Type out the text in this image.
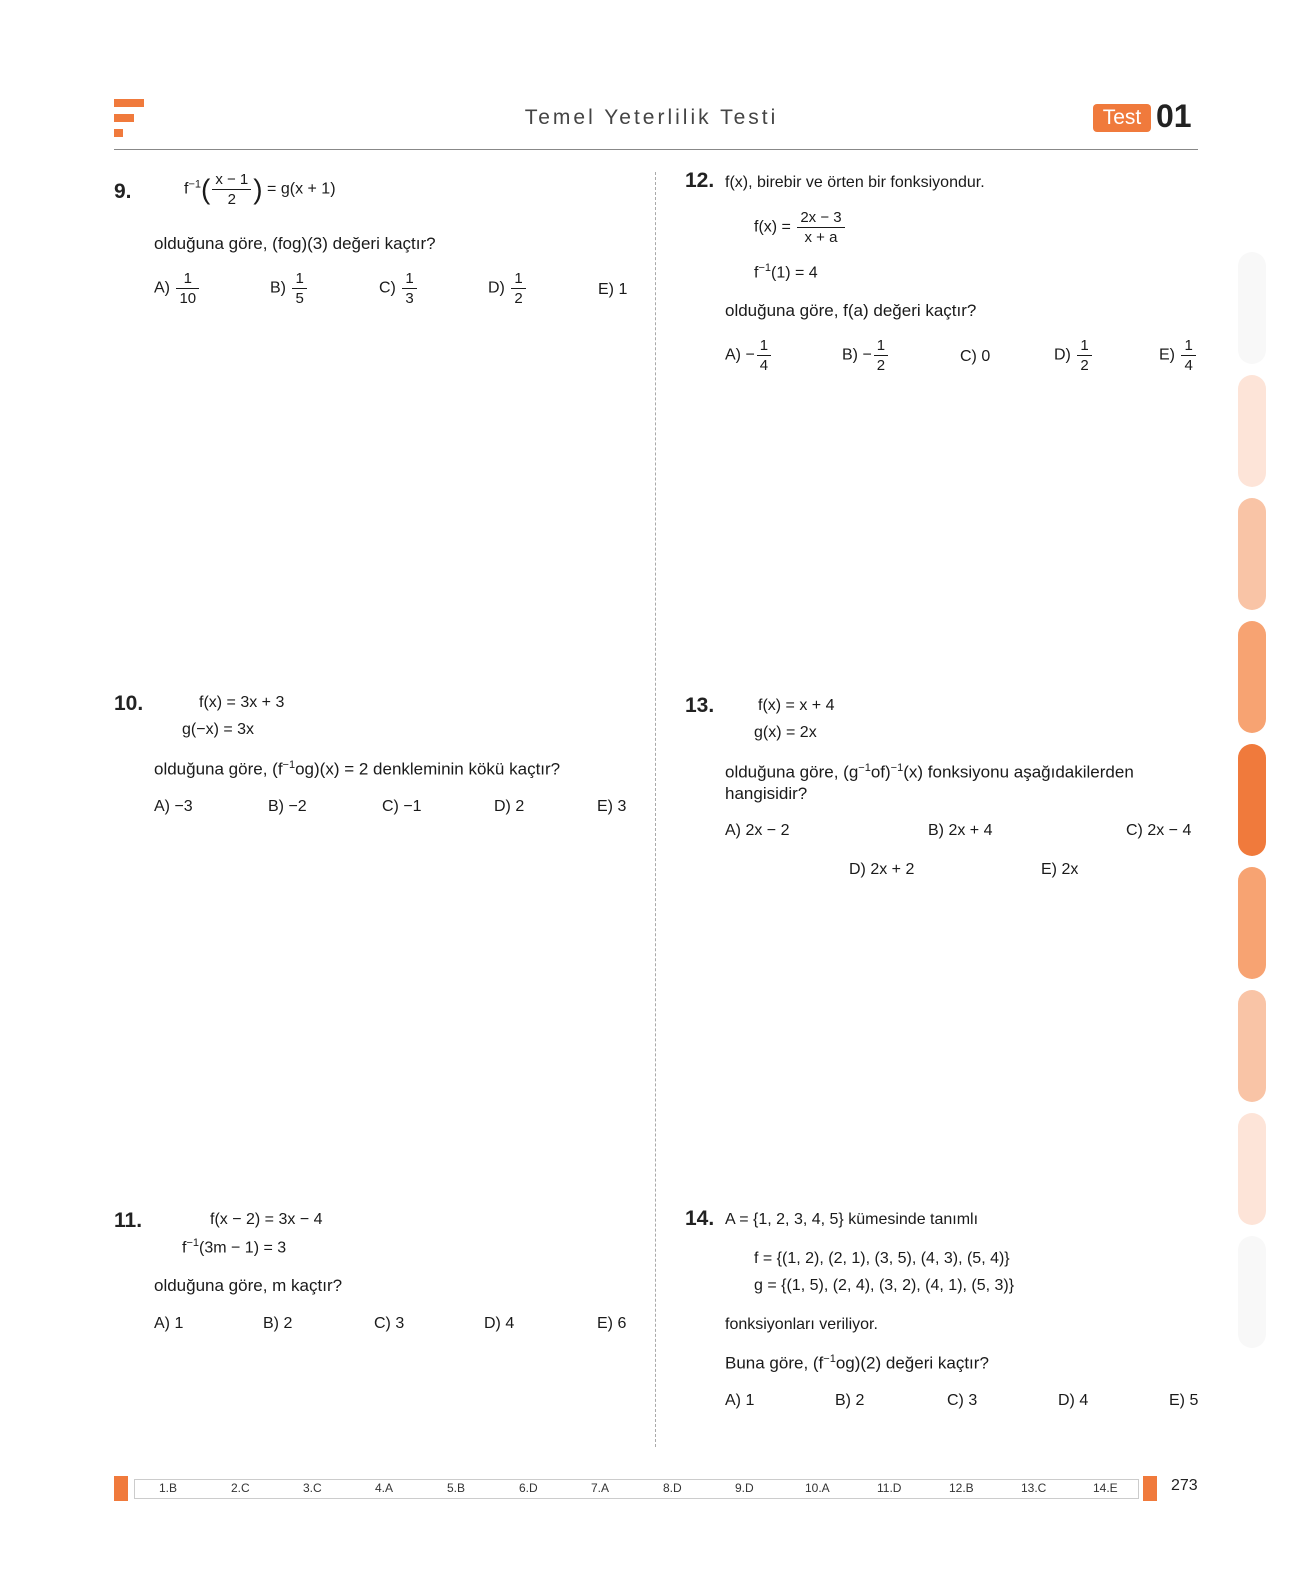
Temel Yeterlilik Testi	Test 01
9.	$f^{-1}( \frac{x - 1}{2}$ ) = g(x + 1)
olduğuna göre, (fog)(3) değeri kaçtır?
$A) \frac{1}{10}$	$B) \frac{1}{5}$	$C) \frac{1}{3}$	$D) \frac{1}{2}$	E) 1
10.	f(x) = 3x + 3
g(−x) = 3x
olduğuna göre, $(f^{-1}og)(x) = 2$ denkleminin kökü kaçtır?
A) −3	B) −2	C) −1	D) 2	E) 3
11.	f(x − 2) = 3x − 4
$f^{-1}(3m - 1) = 3$
olduğuna göre, m kaçtır?
A) 1	B) 2	C) 3	D) 4	E) 6
12. f(x), birebir ve örten bir fonksiyondur.
$f(x) = \frac{2x - 3}{x + a}$
$f^{-1}(1) = 4$
olduğuna göre, f(a) değeri kaçtır?
$A) - \frac{1}{4}$	$B) - \frac{1}{2}$	C) 0	$D) \frac{1}{2}$	$E) \frac{1}{4}$
13.	f(x) = x + 4
g(x) = 2x
olduğuna göre, $(g^{-1}of)^{-1}(x)$ fonksiyonu aşağıdakilerden
hangisidir?
A) 2x − 2	B) 2x + 4	C) 2x − 4
D) 2x + 2	E) 2x
14. A = {1, 2, 3, 4, 5} kümesinde tanımlı
f = {(1, 2), (2, 1), (3, 5), (4, 3), (5, 4)}
g = {(1, 5), (2, 4), (3, 2), (4, 1), (5, 3)}
fonksiyonları veriliyor.
Buna göre, $(f^{-1}og)(2)$ değeri kaçtır?
A) 1	B) 2	C) 3	D) 4	E) 5
1.B	2.C	3.C	4.A	5.B	6.D	7.A	8.D	9.D	10.A	11.D	12.B	13.C	14.E	273
